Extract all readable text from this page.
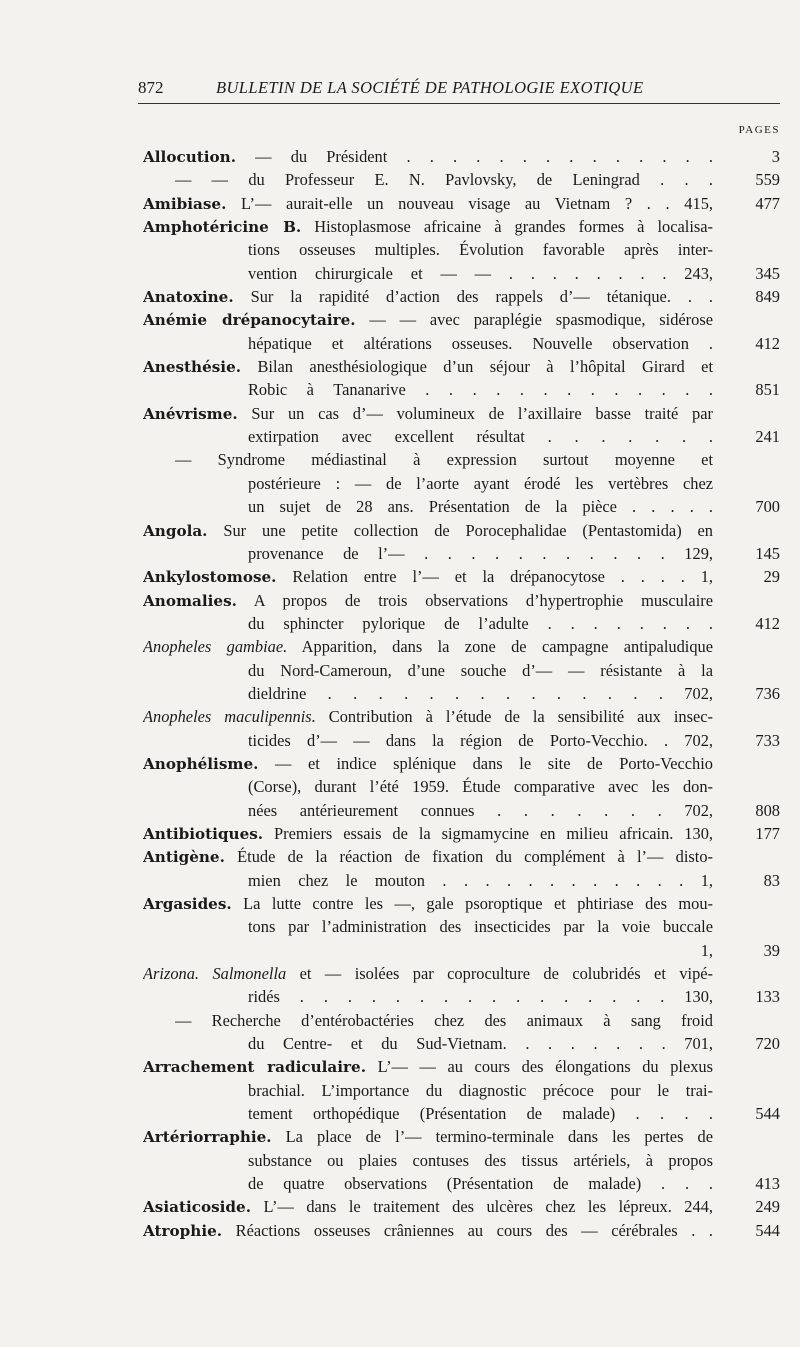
872	BULLETIN DE LA SOCIÉTÉ DE PATHOLOGIE EXOTIQUE
PAGES
Allocution. — du Président . . . . . . . . . . . . . .	3
— — du Professeur E. N. Pavlovsky, de Leningrad . . .	559
Amibiase. L’— aurait-elle un nouveau visage au Vietnam ? . . 415,	477
Amphotéricine B. Histoplasmose africaine à grandes formes à localisa-
tions osseuses multiples. Évolution favorable après inter-
vention chirurgicale et — — . . . . . . . . 243,	345
Anatoxine. Sur la rapidité d’action des rappels d’— tétanique. . .	849
Anémie drépanocytaire. — — avec paraplégie spasmodique, sidérose
hépatique et altérations osseuses. Nouvelle observation .	412
Anesthésie. Bilan anesthésiologique d’un séjour à l’hôpital Girard et
Robic à Tananarive . . . . . . . . . . . . .	851
Anévrisme. Sur un cas d’— volumineux de l’axillaire basse traité par
extirpation avec excellent résultat . . . . . . .	241
— Syndrome médiastinal à expression surtout moyenne et
postérieure : — de l’aorte ayant érodé les vertèbres chez
un sujet de 28 ans. Présentation de la pièce . . . . .	700
Angola. Sur une petite collection de Porocephalidae (Pentastomida) en
provenance de l’— . . . . . . . . . . . 129,	145
Ankylostomose. Relation entre l’— et la drépanocytose . . . . 1,	29
Anomalies. A propos de trois observations d’hypertrophie musculaire
du sphincter pylorique de l’adulte . . . . . . . .	412
Anopheles gambiae. Apparition, dans la zone de campagne antipaludique
du Nord-Cameroun, d’une souche d’— — résistante à la
dieldrine . . . . . . . . . . . . . . 702,	736
Anopheles maculipennis. Contribution à l’étude de la sensibilité aux insec-
ticides d’— — dans la région de Porto-Vecchio. . 702,	733
Anophélisme. — et indice splénique dans le site de Porto-Vecchio
(Corse), durant l’été 1959. Étude comparative avec les don-
nées antérieurement connues . . . . . . . 702,	808
Antibiotiques. Premiers essais de la sigmamycine en milieu africain. 130,	177
Antigène. Étude de la réaction de fixation du complément à l’— disto-
mien chez le mouton . . . . . . . . . . . . 1,	83
Argasides. La lutte contre les —, gale psoroptique et phtiriase des mou-
tons par l’administration des insecticides par la voie buccale
1,	39
Arizona. Salmonella et — isolées par coproculture de colubridés et vipé-
ridés . . . . . . . . . . . . . . . . 130,	133
— Recherche d’entérobactéries chez des animaux à sang froid
du Centre- et du Sud-Vietnam. . . . . . . . 701,	720
Arrachement radiculaire. L’— — au cours des élongations du plexus
brachial. L’importance du diagnostic précoce pour le trai-
tement orthopédique (Présentation de malade) . . . .	544
Artériorraphie. La place de l’— termino-terminale dans les pertes de
substance ou plaies contuses des tissus artériels, à propos
de quatre observations (Présentation de malade) . . .	413
Asiaticoside. L’— dans le traitement des ulcères chez les lépreux. 244,	249
Atrophie. Réactions osseuses crâniennes au cours des — cérébrales . .	544
